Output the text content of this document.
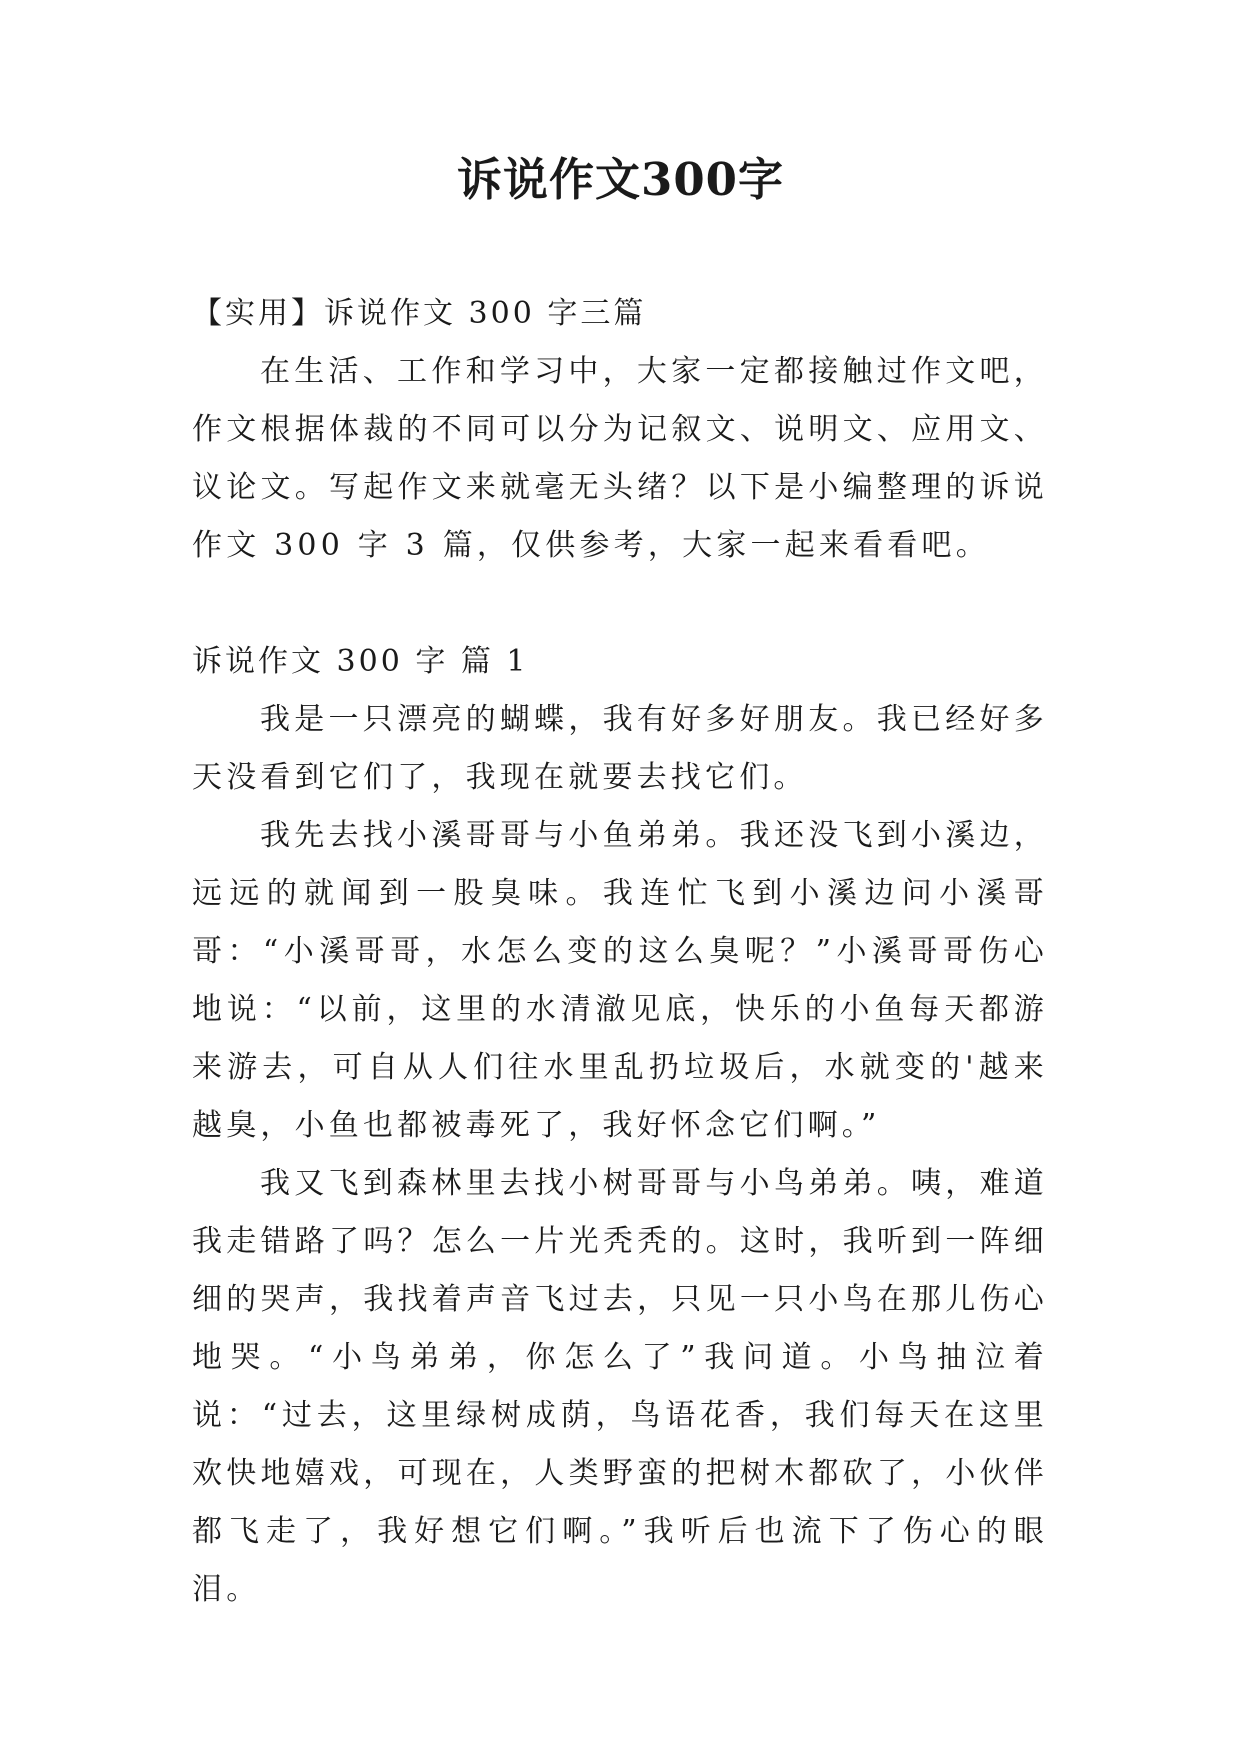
诉说作文300字

【实用】诉说作文 300 字三篇

在生活、工作和学习中，大家一定都接触过作文吧，作文根据体裁的不同可以分为记叙文、说明文、应用文、议论文。写起作文来就毫无头绪？以下是小编整理的诉说作文 300 字 3 篇，仅供参考，大家一起来看看吧。

诉说作文 300 字 篇 1

我是一只漂亮的蝴蝶，我有好多好朋友。我已经好多天没看到它们了，我现在就要去找它们。

我先去找小溪哥哥与小鱼弟弟。我还没飞到小溪边，远远的就闻到一股臭味。我连忙飞到小溪边问小溪哥哥：“小溪哥哥，水怎么变的这么臭呢？”小溪哥哥伤心地说：“以前，这里的水清澈见底，快乐的小鱼每天都游来游去，可自从人们往水里乱扔垃圾后，水就变的'越来越臭，小鱼也都被毒死了，我好怀念它们啊。”

我又飞到森林里去找小树哥哥与小鸟弟弟。咦，难道我走错路了吗？怎么一片光秃秃的。这时，我听到一阵细细的哭声，我找着声音飞过去，只见一只小鸟在那儿伤心地哭。“小鸟弟弟，你怎么了”我问道。小鸟抽泣着说：“过去，这里绿树成荫，鸟语花香，我们每天在这里欢快地嬉戏，可现在，人类野蛮的把树木都砍了，小伙伴都飞走了，我好想它们啊。”我听后也流下了伤心的眼泪。
